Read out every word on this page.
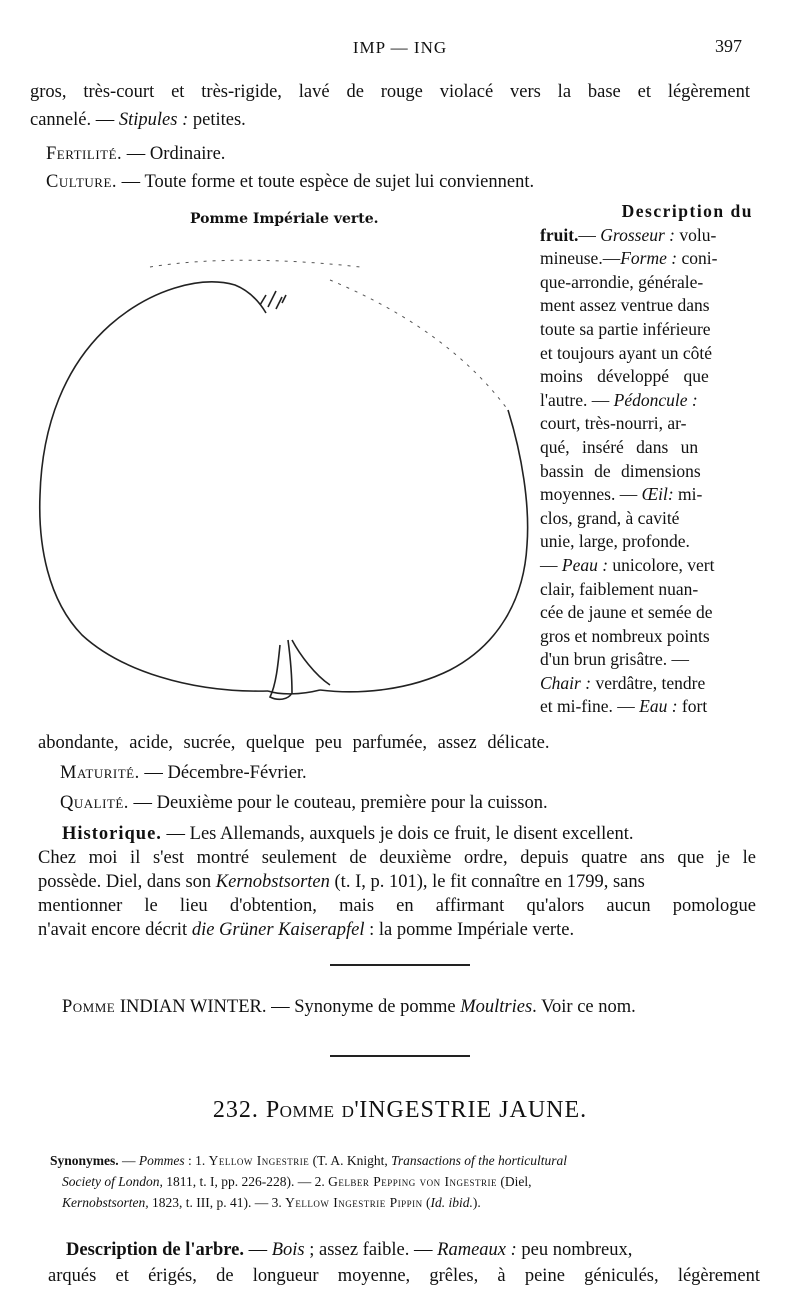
IMP — ING	397
gros, très-court et très-rigide, lavé de rouge violacé vers la base et légèrement
cannelé. — Stipules : petites.
Fertilité. — Ordinaire.
Culture. — Toute forme et toute espèce de sujet lui conviennent.
Pomme Impériale verte.	Description du
fruit.— Grosseur : volu-
mineuse.—Forme : coni-
que-arrondie, générale-
ment assez ventrue dans
toute sa partie inférieure
et toujours ayant un côté
moins développé que
l'autre. — Pédoncule :
court, très-nourri, ar-
qué, inséré dans un
bassin de dimensions
moyennes. — Œil: mi-
clos, grand, à cavité
unie, large, profonde.
— Peau : unicolore, vert
clair, faiblement nuan-
cée de jaune et semée de
gros et nombreux points
d'un brun grisâtre. —
Chair : verdâtre, tendre
et mi-fine. — Eau : fort
abondante, acide, sucrée, quelque peu parfumée, assez délicate.
Maturité. — Décembre-Février.
Qualité. — Deuxième pour le couteau, première pour la cuisson.
Historique. — Les Allemands, auxquels je dois ce fruit, le disent excellent.
Chez moi il s'est montré seulement de deuxième ordre, depuis quatre ans que je le
possède. Diel, dans son Kernobstsorten (t. I, p. 101), le fit connaître en 1799, sans
mentionner le lieu d'obtention, mais en affirmant qu'alors aucun pomologue
n'avait encore décrit die Grüner Kaiserapfel : la pomme Impériale verte.
Pomme INDIAN WINTER. — Synonyme de pomme Moultries. Voir ce nom.
232. Pomme d'INGESTRIE JAUNE.
Synonymes. — Pommes : 1. Yellow Ingestrie (T. A. Knight, Transactions of the horticultural
Society of London, 1811, t. I, pp. 226-228). — 2. Gelber Pepping von Ingestrie (Diel,
Kernobstsorten, 1823, t. III, p. 41). — 3. Yellow Ingestrie Pippin (Id. ibid.).
Description de l'arbre. — Bois ; assez faible. — Rameaux : peu nombreux,
arqués et érigés, de longueur moyenne, grêles, à peine géniculés, légèrement
